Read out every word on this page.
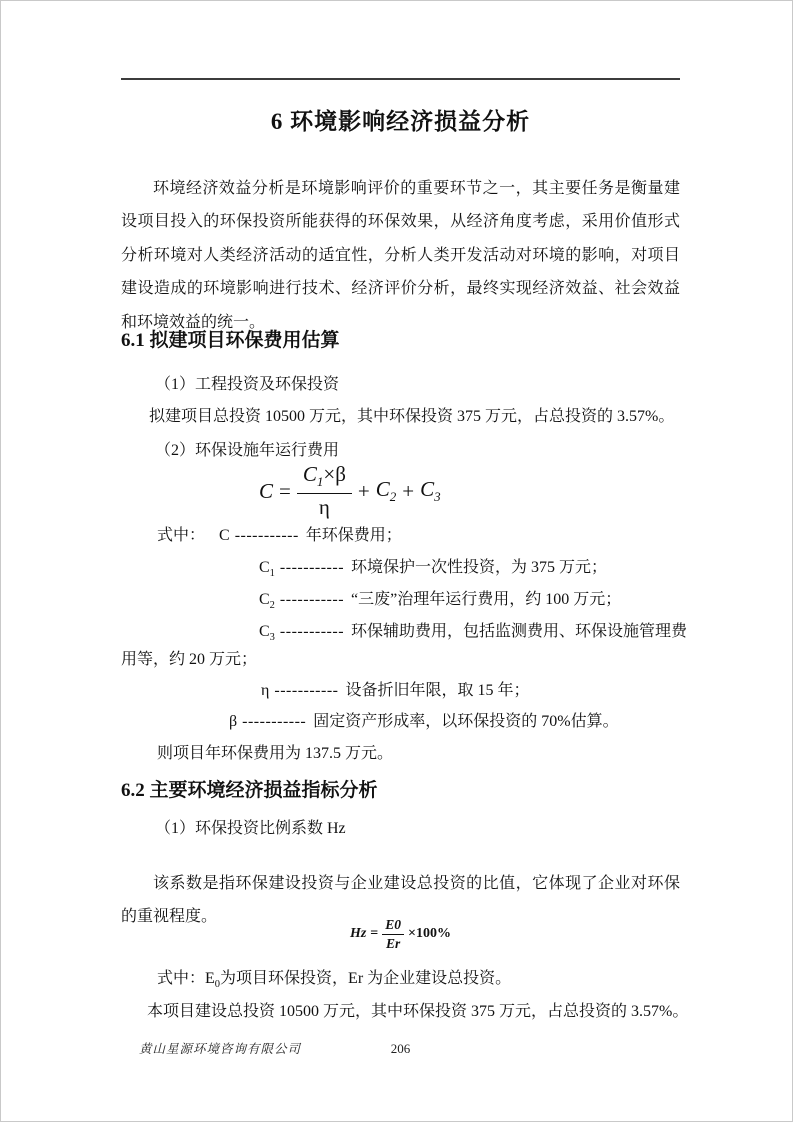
6 环境影响经济损益分析

环境经济效益分析是环境影响评价的重要环节之一，其主要任务是衡量建设项目投入的环保投资所能获得的环保效果，从经济角度考虑，采用价值形式分析环境对人类经济活动的适宜性，分析人类开发活动对环境的影响，对项目建设造成的环境影响进行技术、经济评价分析，最终实现经济效益、社会效益和环境效益的统一。

6.1 拟建项目环保费用估算
（1）工程投资及环保投资
拟建项目总投资 10500 万元，其中环保投资 375 万元，占总投资的 3.57%。
（2）环保设施年运行费用
$C = \frac{C_1\times\beta}{\eta} + C_2 + C_3$
式中： C ----------- 年环保费用；
$C_1$ ----------- 环境保护一次性投资，为 375 万元；
$C_2$ ----------- “三废”治理年运行费用，约 100 万元；
$C_3$ ----------- 环保辅助费用，包括监测费用、环保设施管理费
用等，约 20 万元；
η ----------- 设备折旧年限，取 15 年；
β ----------- 固定资产形成率，以环保投资的 70%估算。
则项目年环保费用为 137.5 万元。
6.2 主要环境经济损益指标分析
（1）环保投资比例系数 Hz

该系数是指环保建设投资与企业建设总投资的比值，它体现了企业对环保的重视程度。

$Hz = \frac{E0}{Er} \times 100\%$
式中：$E_0$为项目环保投资，Er 为企业建设总投资。
本项目建设总投资 10500 万元，其中环保投资 375 万元，占总投资的 3.57%。
206
黄山星源环境咨询有限公司
